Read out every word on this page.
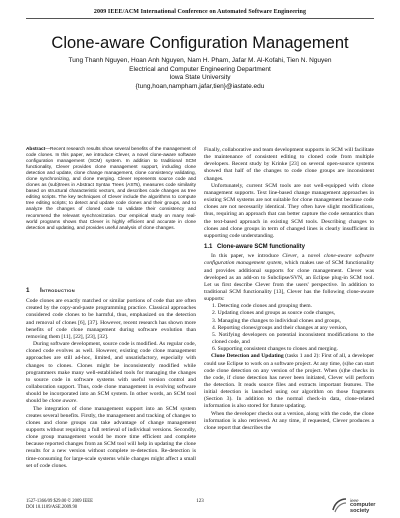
2009 IEEE/ACM International Conference on Automated Software Engineering
Clone-aware Configuration Management
Tung Thanh Nguyen, Hoan Anh Nguyen, Nam H. Pham, Jafar M. Al-Kofahi, Tien N. Nguyen
Electrical and Computer Engineering Department
Iowa State University
{tung,hoan,nampham,jafar,tien}@iastate.edu
Abstract—Recent research results show several benefits of the management of code clones. In this paper, we introduce Clever, a novel clone-aware software configuration management (SCM) system. In addition to traditional SCM functionality, Clever provides clone management support, including clone detection and update, clone change management, clone consistency validating, clone synchronizing, and clone merging. Clever represents source code and clones as (sub)trees in Abstract Syntax Trees (ASTs), measures code similarity based on structural characteristic vectors, and describes code changes as tree editing scripts. The key techniques of Clever include the algorithms to compute tree editing scripts; to detect and update code clones and their groups, and to analyze the changes of cloned code to validate their consistency and recommend the relevant synchronization. Our empirical study on many real-world programs shows that Clever is highly efficient and accurate in clone detection and updating, and provides useful analysis of clone changes.

1 Introduction

Code clones are exactly matched or similar portions of code that are often created by the copy-and-paste programming practice. Classical approaches considered code clones to be harmful, thus, emphasized on the detection and removal of clones [6], [37]. However, recent research has shown more benefits of code clone management during software evolution than removing them [11], [22], [23], [32].

During software development, source code is modified. As regular code, cloned code evolves as well. However, existing code clone management approaches are still ad-hoc, limited, and unsatisfactory, especially with changes to clones. Clones might be inconsistently modified while programmers make many well-established tools for managing the changes to source code in software systems with useful version control and collaboration support. Thus, code clone management in evolving software should be incorporated into an SCM system. In other words, an SCM tool should be clone aware.

The integration of clone management support into an SCM system creates several benefits. Firstly, the management and tracking of changes to clones and clone groups can take advantage of change management supports without requiring a full retrieval of individual versions. Secondly, clone group management would be more time efficient and complete because reported changes from an SCM tool will help in updating the clone results for a new version without complete re-detection. Re-detection is time-consuming for large-scale systems while changes might affect a small set of code clones.

Finally, collaborative and team development supports in SCM will facilitate the maintenance of consistent editing to cloned code from multiple developers. Recent study by Krinke [23] on several open-source systems showed that half of the changes to code clone groups are inconsistent changes.

Unfortunately, current SCM tools are not well-equipped with clone management supports. Text line-based change management approaches in existing SCM systems are not suitable for clone management because code clones are not necessarily identical. They often have slight modifications, thus, requiring an approach that can better capture the code semantics than the text-based approach in existing SCM tools. Describing changes to clones and clone groups in term of changed lines is clearly insufficient in supporting code understanding.

1.1 Clone-aware SCM functionality

In this paper, we introduce Clever, a novel clone-aware software configuration management system, which makes use of SCM functionality and provides additional supports for clone management. Clever was developed as an add-on to Subclipse/SVN, an Eclipse plug-in SCM tool. Let us first describe Clever from the users' perspective. In addition to traditional SCM functionality [13], Clever has the following clone-aware supports:

1. Detecting code clones and grouping them.

2. Updating clones and groups as source code changes,

3. Managing the changes to individual clones and groups,

4. Reporting clones/groups and their changes at any version,

5. Notifying developers on potential inconsistent modifications to the cloned code, and

6. Supporting consistent changes to clones and merging.

Clone Detection and Updating (tasks 1 and 2): First of all, a developer could use Eclipse to work on a software project. At any time, (s)he can start code clone detection on any version of the project. When (s)he checks in the code, if clone detection has never been initiated, Clever will perform the detection. It reads source files and extracts important features. The initial detection is launched using our algorithm on those fragments (Section 3). In addition to the normal check-in data, clone-related information is also stored for future updating.

When the developer checks out a version, along with the code, the clone information is also retrieved. At any time, if requested, Clever produces a clone report that describes the

1527-1366/09 $29.00 © 2009 IEEE
DOI 10.1109/ASE.2009.90
123	ieee
computer
society
